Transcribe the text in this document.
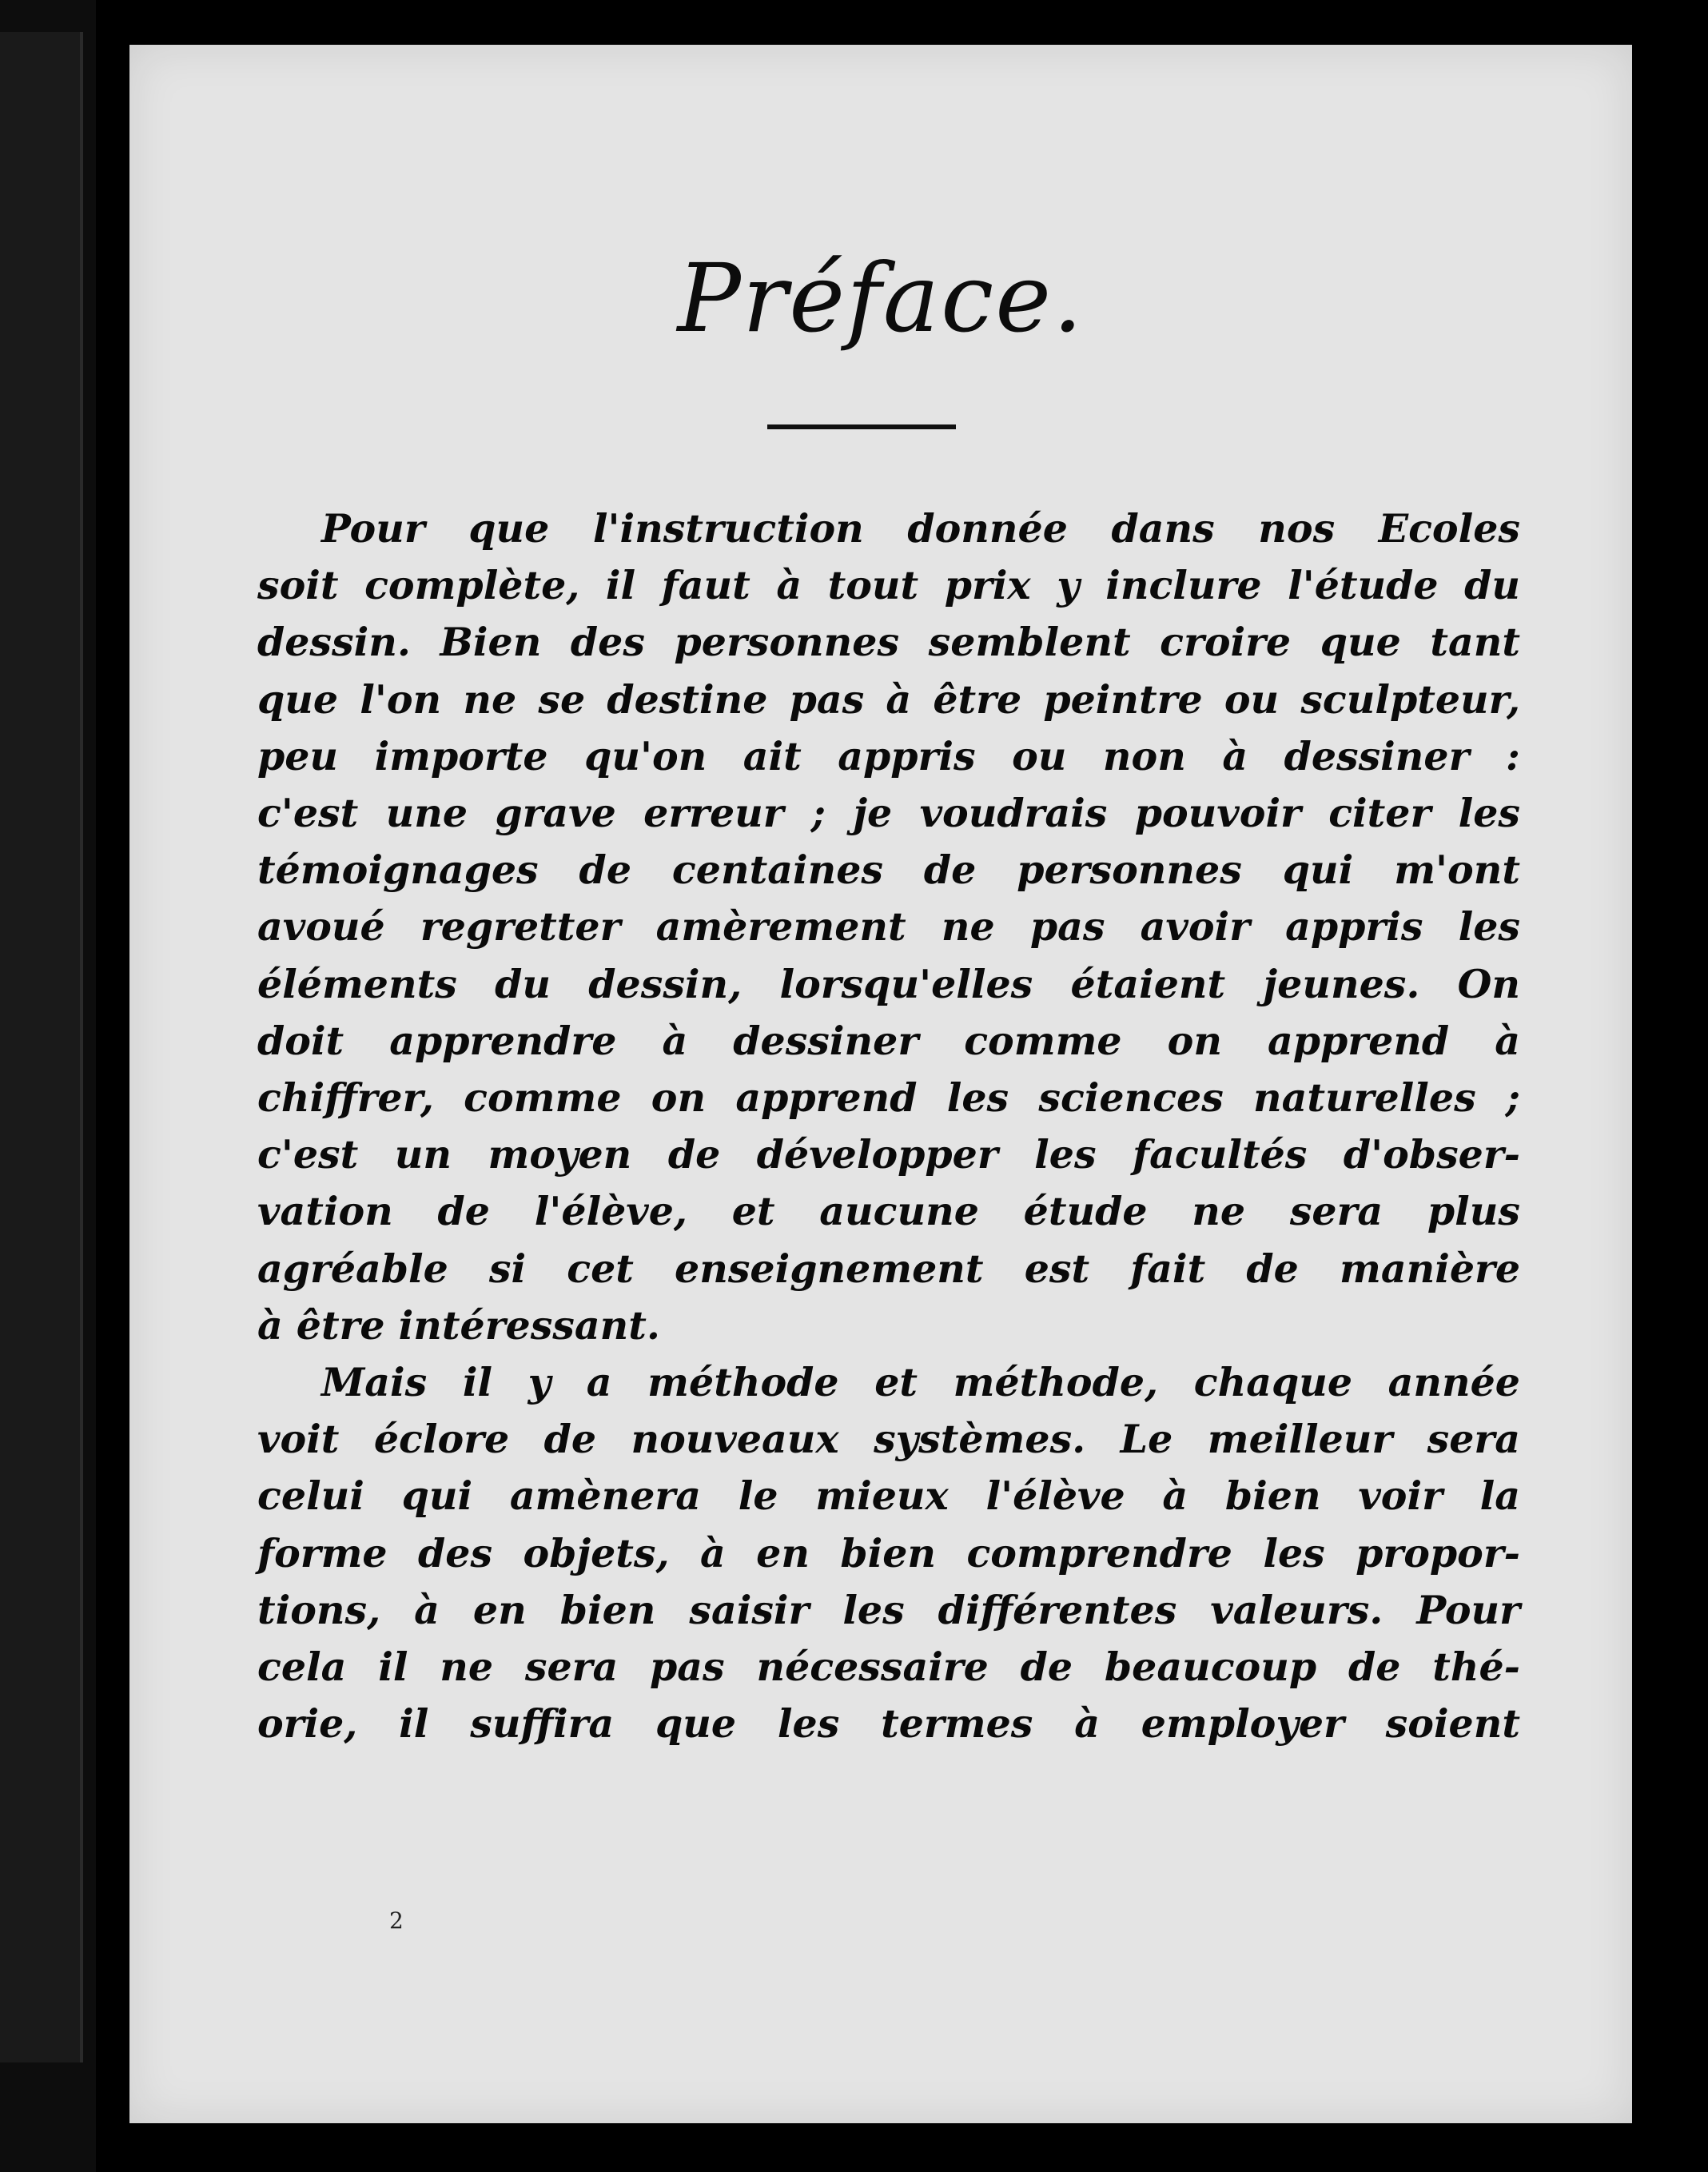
Préface.
Pour que l'instruction donnée dans nos Ecoles
soit complète, il faut à tout prix y inclure l'étude du
dessin. Bien des personnes semblent croire que tant
que l'on ne se destine pas à être peintre ou sculpteur,
peu importe qu'on ait appris ou non à dessiner :
c'est une grave erreur ; je voudrais pouvoir citer les
témoignages de centaines de personnes qui m'ont
avoué regretter amèrement ne pas avoir appris les
éléments du dessin, lorsqu'elles étaient jeunes. On
doit apprendre à dessiner comme on apprend à
chiffrer, comme on apprend les sciences naturelles ;
c'est un moyen de développer les facultés d'obser-
vation de l'élève, et aucune étude ne sera plus
agréable si cet enseignement est fait de manière
à être intéressant.
Mais il y a méthode et méthode, chaque année
voit éclore de nouveaux systèmes. Le meilleur sera
celui qui amènera le mieux l'élève à bien voir la
forme des objets, à en bien comprendre les propor-
tions, à en bien saisir les différentes valeurs. Pour
cela il ne sera pas nécessaire de beaucoup de thé-
orie, il suffira que les termes à employer soient
2
